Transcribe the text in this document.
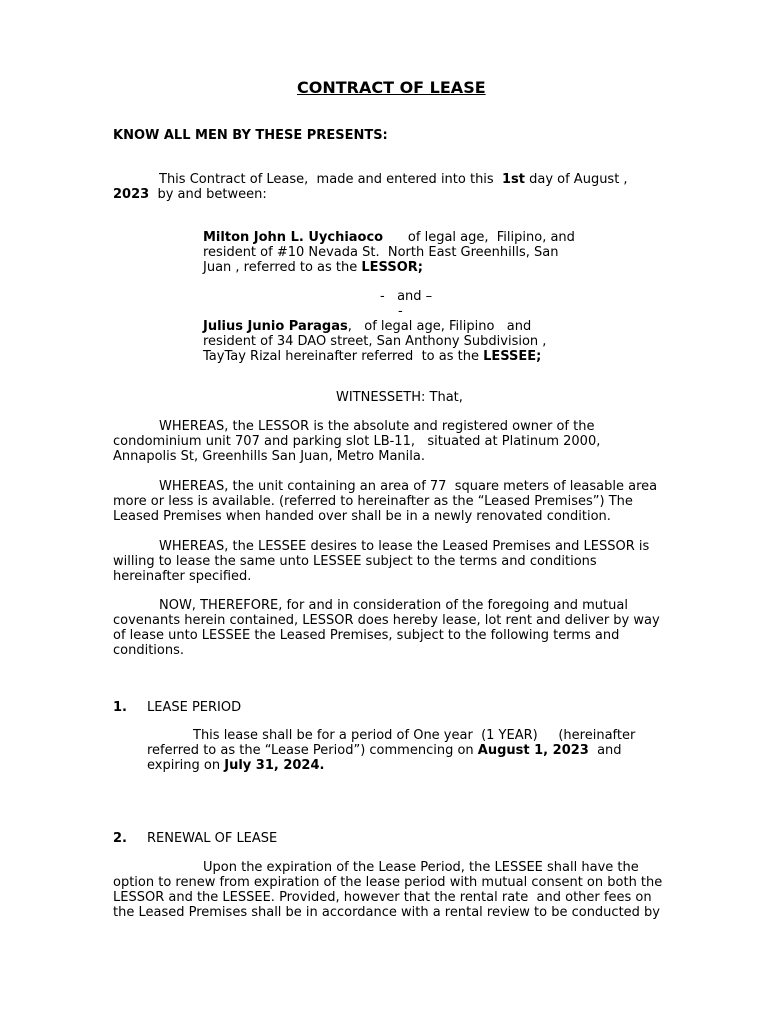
CONTRACT OF LEASE
KNOW ALL MEN BY THESE PRESENTS:
This Contract of Lease,  made and entered into this  1st day of August ,
2023  by and between:
Milton John L. Uychiaoco      of legal age,  Filipino, and
resident of #10 Nevada St.  North East Greenhills, San
Juan , referred to as the LESSOR;
-   and –
-
Julius Junio Paragas,   of legal age, Filipino   and
resident of 34 DAO street, San Anthony Subdivision ,
TayTay Rizal hereinafter referred  to as the LESSEE;
WITNESSETH: That,
WHEREAS, the LESSOR is the absolute and registered owner of the
condominium unit 707 and parking slot LB-11,   situated at Platinum 2000,
Annapolis St, Greenhills San Juan, Metro Manila.
WHEREAS, the unit containing an area of 77  square meters of leasable area
more or less is available. (referred to hereinafter as the “Leased Premises”) The
Leased Premises when handed over shall be in a newly renovated condition.
WHEREAS, the LESSEE desires to lease the Leased Premises and LESSOR is
willing to lease the same unto LESSEE subject to the terms and conditions
hereinafter specified.
NOW, THEREFORE, for and in consideration of the foregoing and mutual
covenants herein contained, LESSOR does hereby lease, lot rent and deliver by way
of lease unto LESSEE the Leased Premises, subject to the following terms and
conditions.
1. LEASE PERIOD
This lease shall be for a period of One year  (1 YEAR)     (hereinafter
referred to as the “Lease Period”) commencing on August 1, 2023  and
expiring on July 31, 2024.
2. RENEWAL OF LEASE
Upon the expiration of the Lease Period, the LESSEE shall have the
option to renew from expiration of the lease period with mutual consent on both the
LESSOR and the LESSEE. Provided, however that the rental rate  and other fees on
the Leased Premises shall be in accordance with a rental review to be conducted by
